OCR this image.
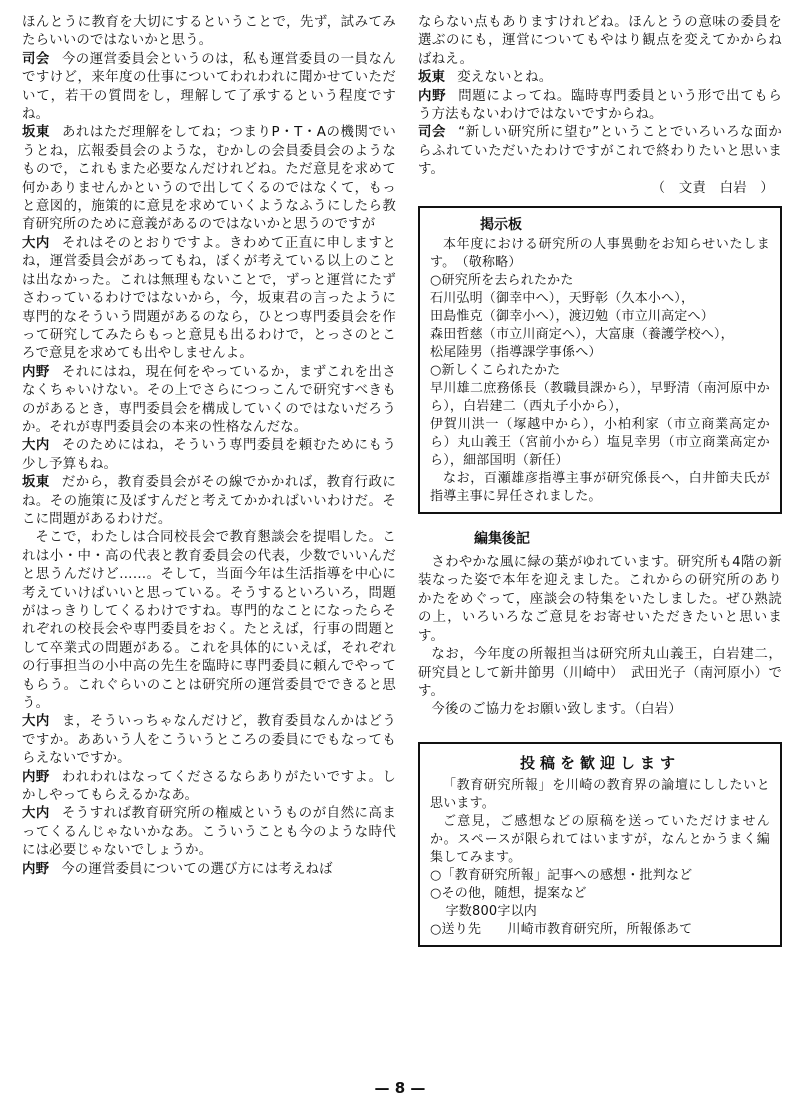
ほんとうに教育を大切にするということで，先ず，試みてみたらいいのではないかと思う。

司会 今の運営委員会というのは，私も運営委員の一員なんですけど，来年度の仕事についてわれわれに聞かせていただいて，若干の質問をし，理解して了承するという程度ですね。

坂東 あれはただ理解をしてね；つまりP・T・Aの機関でいうとね，広報委員会のような，むかしの会員委員会のようなもので，これもまた必要なんだけれどね。ただ意見を求めて何かありませんかというので出してくるのではなくて，もっと意図的，施策的に意見を求めていくようなふうにしたら教育研究所のために意義があるのではないかと思うのですが

大内 それはそのとおりですよ。きわめて正直に申しますとね，運営委員会があってもね，ぼくが考えている以上のことは出なかった。これは無理もないことで，ずっと運営にたずさわっているわけではないから，今，坂東君の言ったように専門的なそういう問題があるのなら，ひとつ専門委員会を作って研究してみたらもっと意見も出るわけで，とっさのところで意見を求めても出やしませんよ。

内野 それにはね，現在何をやっているか，まずこれを出さなくちゃいけない。その上でさらにつっこんで研究すべきものがあるとき，専門委員会を構成していくのではないだろうか。それが専門委員会の本来の性格なんだな。

大内 そのためにはね，そういう専門委員を頼むためにもう少し予算もね。

坂東 だから，教育委員会がその線でかかれば，教育行政にね。その施策に及ぼすんだと考えてかかればいいわけだ。そこに問題があるわけだ。

そこで，わたしは合同校長会で教育懇談会を提唱した。これは小・中・高の代表と教育委員会の代表，少数でいいんだと思うんだけど……。そして，当面今年は生活指導を中心に考えていけばいいと思っている。そうするといろいろ，問題がはっきりしてくるわけですね。専門的なことになったらそれぞれの校長会や専門委員をおく。たとえば，行事の問題として卒業式の問題がある。これを具体的にいえば，それぞれの行事担当の小中高の先生を臨時に専門委員に頼んでやってもらう。これぐらいのことは研究所の運営委員でできると思う。

大内 ま，そういっちゃなんだけど，教育委員なんかはどうですか。ああいう人をこういうところの委員にでもなってもらえないですか。

内野 われわれはなってくださるならありがたいですよ。しかしやってもらえるかなあ。

大内 そうすれば教育研究所の権威というものが自然に高まってくるんじゃないかなあ。こういうことも今のような時代には必要じゃないでしょうか。

内野 今の運営委員についての選び方には考えねば

ならない点もありますけれどね。ほんとうの意味の委員を選ぶのにも，運営についてもやはり観点を変えてかからねばねえ。

坂東 変えないとね。

内野 問題によってね。臨時専門委員という形で出てもらう方法もないわけではないですからね。

司会 “新しい研究所に望む”ということでいろいろな面からふれていただいたわけですがこれで終わりたいと思います。
（　文責　白岩　）

掲示板

本年度における研究所の人事異動をお知らせいたします。　（敬称略）

○研究所を去られたかた

石川弘明（御幸中へ），天野彰（久本小へ），

田島惟克（御幸小へ），渡辺勉（市立川高定へ）

森田哲慈（市立川商定へ），大富康（養護学校へ），

松尾陸男（指導課学事係へ）

○新しくこられたかた

早川雄二庶務係長（教職員課から），早野清（南河原中から），白岩建二（西丸子小から），

伊賀川洪一（塚越中から），小柏利家（市立商業高定から）丸山義王（宮前小から）塩見幸男（市立商業高定から），細部国明（新任）

なお，百瀬雄彦指導主事が研究係長へ，白井節夫氏が指導主事に昇任されました。

編集後記

さわやかな風に緑の葉がゆれています。研究所も4階の新装なった姿で本年を迎えました。これからの研究所のありかたをめぐって，座談会の特集をいたしました。ぜひ熟読の上，いろいろなご意見をお寄せいただきたいと思います。

なお，今年度の所報担当は研究所丸山義王，白岩建二，研究員として新井節男（川崎中）　武田光子（南河原小）です。

今後のご協力をお願い致します。（白岩）

投稿を歓迎します

「教育研究所報」を川崎の教育界の論壇にししたいと思います。

ご意見，ご感想などの原稿を送っていただけませんか。スペースが限られてはいますが，なんとかうまく編集してみます。

○「教育研究所報」記事への感想・批判など

○その他，随想，提案など

字数800字以内

○送り先　　川崎市教育研究所，所報係あて

— 8 —
